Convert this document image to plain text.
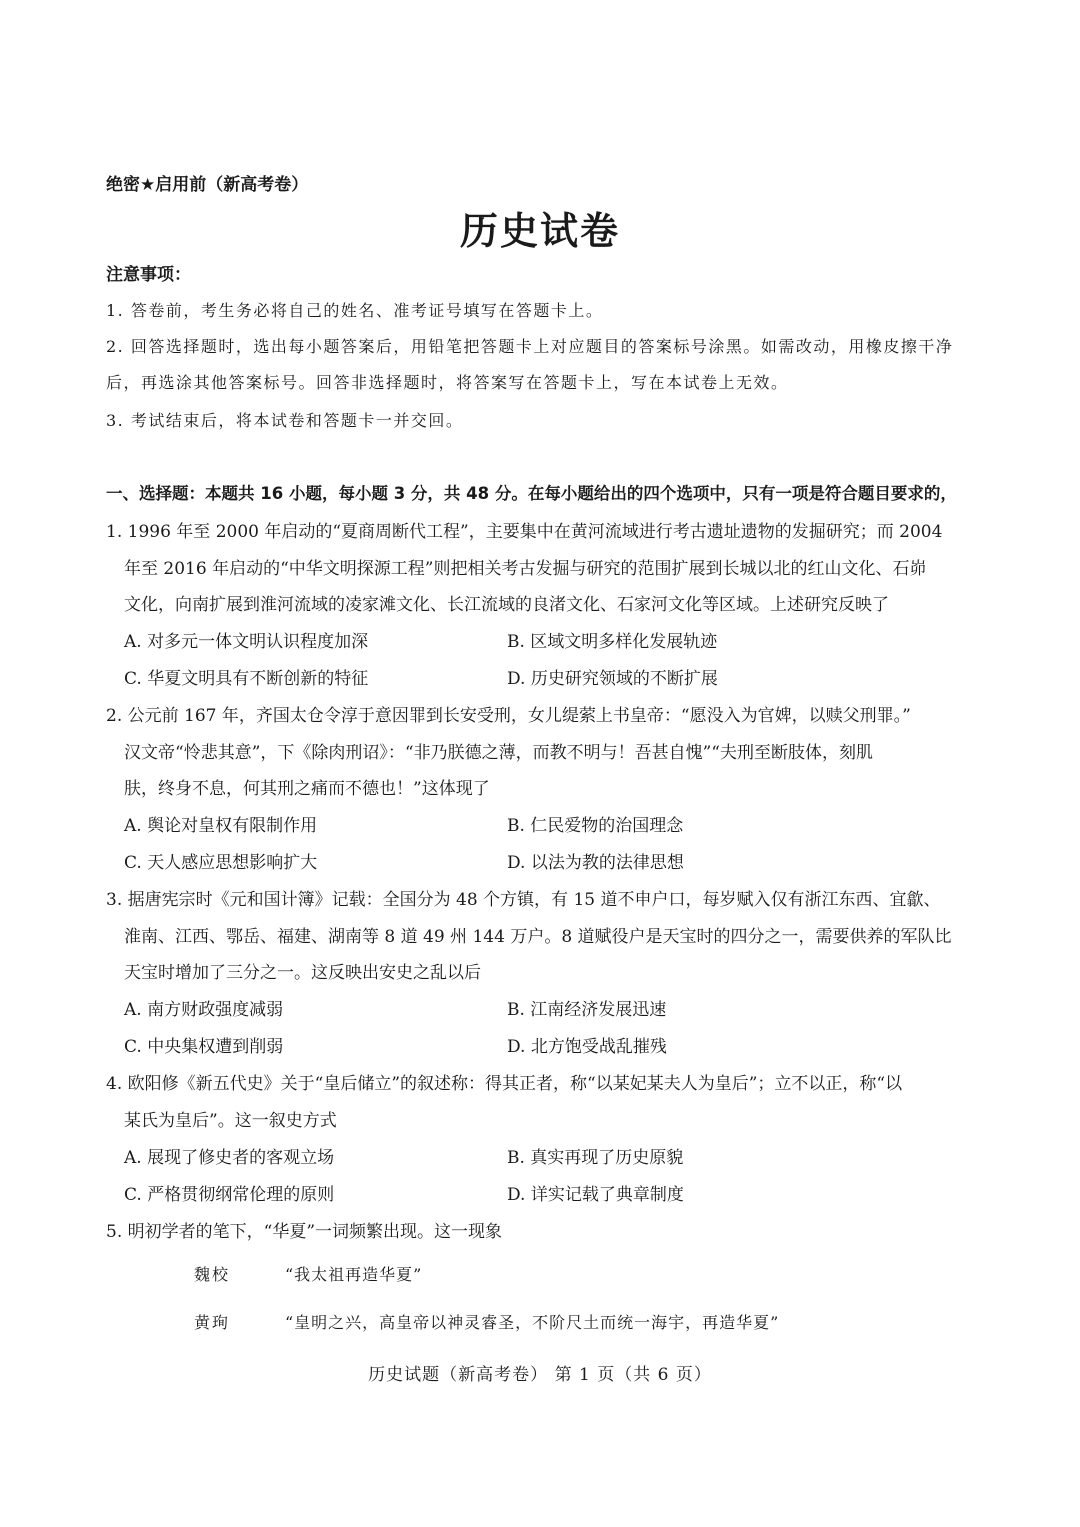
绝密★启用前（新高考卷）
历史试卷
注意事项：
1. 答卷前，考生务必将自己的姓名、准考证号填写在答题卡上。
2. 回答选择题时，选出每小题答案后，用铅笔把答题卡上对应题目的答案标号涂黑。如需改动，用橡皮擦干净
后，再选涂其他答案标号。回答非选择题时，将答案写在答题卡上，写在本试卷上无效。
3. 考试结束后，将本试卷和答题卡一并交回。
一、选择题：本题共 16 小题，每小题 3 分，共 48 分。在每小题给出的四个选项中，只有一项是符合题目要求的，
1. 1996 年至 2000 年启动的“夏商周断代工程”，主要集中在黄河流域进行考古遗址遗物的发掘研究；而 2004
年至 2016 年启动的“中华文明探源工程”则把相关考古发掘与研究的范围扩展到长城以北的红山文化、石峁
文化，向南扩展到淮河流域的凌家滩文化、长江流域的良渚文化、石家河文化等区域。上述研究反映了
A. 对多元一体文明认识程度加深	B. 区域文明多样化发展轨迹
C. 华夏文明具有不断创新的特征	D. 历史研究领域的不断扩展
2. 公元前 167 年，齐国太仓令淳于意因罪到长安受刑，女儿缇萦上书皇帝：“愿没入为官婢，以赎父刑罪。”
汉文帝“怜悲其意”，下《除肉刑诏》：“非乃朕德之薄，而教不明与！吾甚自愧”“夫刑至断肢体，刻肌
肤，终身不息，何其刑之痛而不德也！”这体现了
A. 舆论对皇权有限制作用	B. 仁民爱物的治国理念
C. 天人感应思想影响扩大	D. 以法为教的法律思想
3. 据唐宪宗时《元和国计簿》记载：全国分为 48 个方镇，有 15 道不申户口，每岁赋入仅有浙江东西、宜歙、
淮南、江西、鄂岳、福建、湖南等 8 道 49 州 144 万户。8 道赋役户是天宝时的四分之一，需要供养的军队比
天宝时增加了三分之一。这反映出安史之乱以后
A. 南方财政强度减弱	B. 江南经济发展迅速
C. 中央集权遭到削弱	D. 北方饱受战乱摧残
4. 欧阳修《新五代史》关于“皇后储立”的叙述称：得其正者，称“以某妃某夫人为皇后”；立不以正，称“以
某氏为皇后”。这一叙史方式
A. 展现了修史者的客观立场	B. 真实再现了历史原貌
C. 严格贯彻纲常伦理的原则	D. 详实记载了典章制度
5. 明初学者的笔下，“华夏”一词频繁出现。这一现象
魏校	“我太祖再造华夏”
黄珣	“皇明之兴，高皇帝以神灵睿圣，不阶尺土而统一海宇，再造华夏”
历史试题（新高考卷） 第 1 页（共 6 页）
